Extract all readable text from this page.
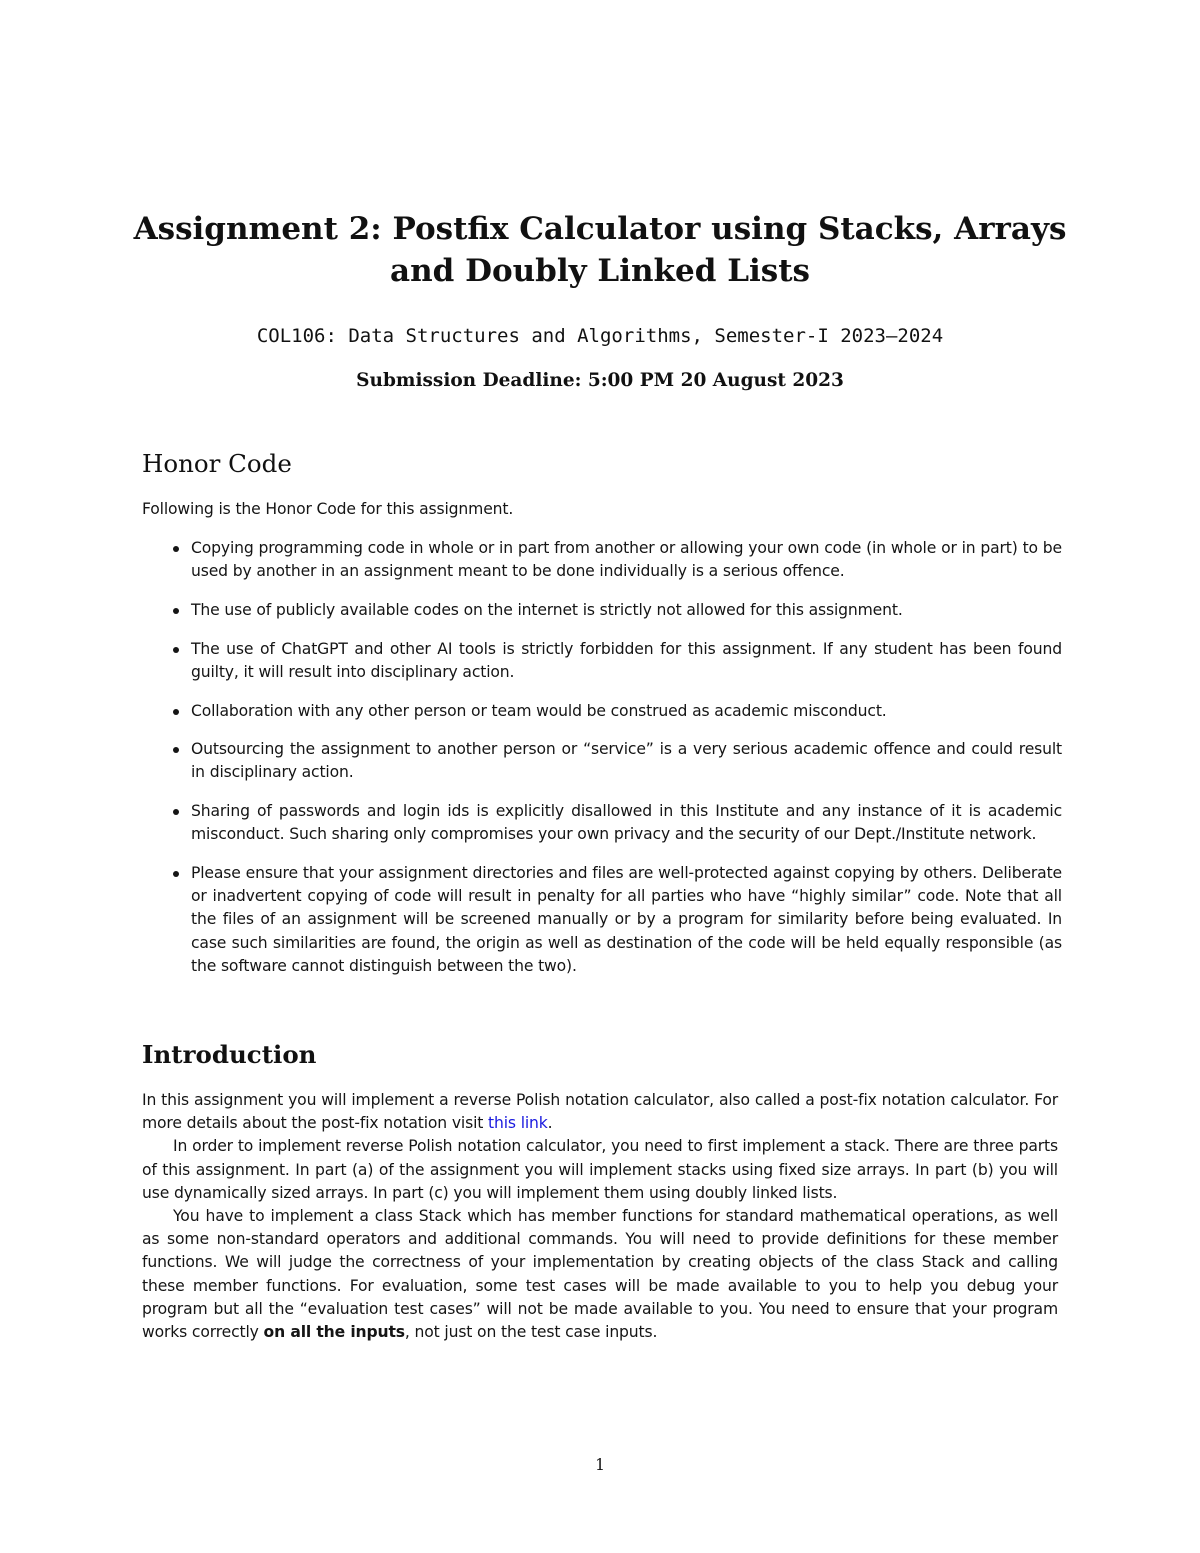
Assignment 2: Postfix Calculator using Stacks, Arrays
and Doubly Linked Lists

COL106: Data Structures and Algorithms, Semester-I 2023–2024

Submission Deadline: 5:00 PM 20 August 2023

Honor Code

Following is the Honor Code for this assignment.

Copying programming code in whole or in part from another or allowing your own code (in whole or in part) to be used by another in an assignment meant to be done individually is a serious offence.
The use of publicly available codes on the internet is strictly not allowed for this assignment.
The use of ChatGPT and other AI tools is strictly forbidden for this assignment. If any student has been found guilty, it will result into disciplinary action.
Collaboration with any other person or team would be construed as academic misconduct.
Outsourcing the assignment to another person or “service” is a very serious academic offence and could result in disciplinary action.
Sharing of passwords and login ids is explicitly disallowed in this Institute and any instance of it is academic misconduct. Such sharing only compromises your own privacy and the security of our Dept./Institute network.
Please ensure that your assignment directories and files are well-protected against copying by others. Deliberate or inadvertent copying of code will result in penalty for all parties who have “highly similar” code. Note that all the files of an assignment will be screened manually or by a program for similarity before being evaluated. In case such similarities are found, the origin as well as destination of the code will be held equally responsible (as the software cannot distinguish between the two).
Introduction

In this assignment you will implement a reverse Polish notation calculator, also called a post-fix notation calculator. For more details about the post-fix notation visit this link.

In order to implement reverse Polish notation calculator, you need to first implement a stack. There are three parts of this assignment. In part (a) of the assignment you will implement stacks using fixed size arrays. In part (b) you will use dynamically sized arrays. In part (c) you will implement them using doubly linked lists.

You have to implement a class Stack which has member functions for standard mathematical operations, as well as some non-standard operators and additional commands. You will need to provide definitions for these member functions. We will judge the correctness of your implementation by creating objects of the class Stack and calling these member functions. For evaluation, some test cases will be made available to you to help you debug your program but all the “evaluation test cases” will not be made available to you. You need to ensure that your program works correctly on all the inputs, not just on the test case inputs.

1
